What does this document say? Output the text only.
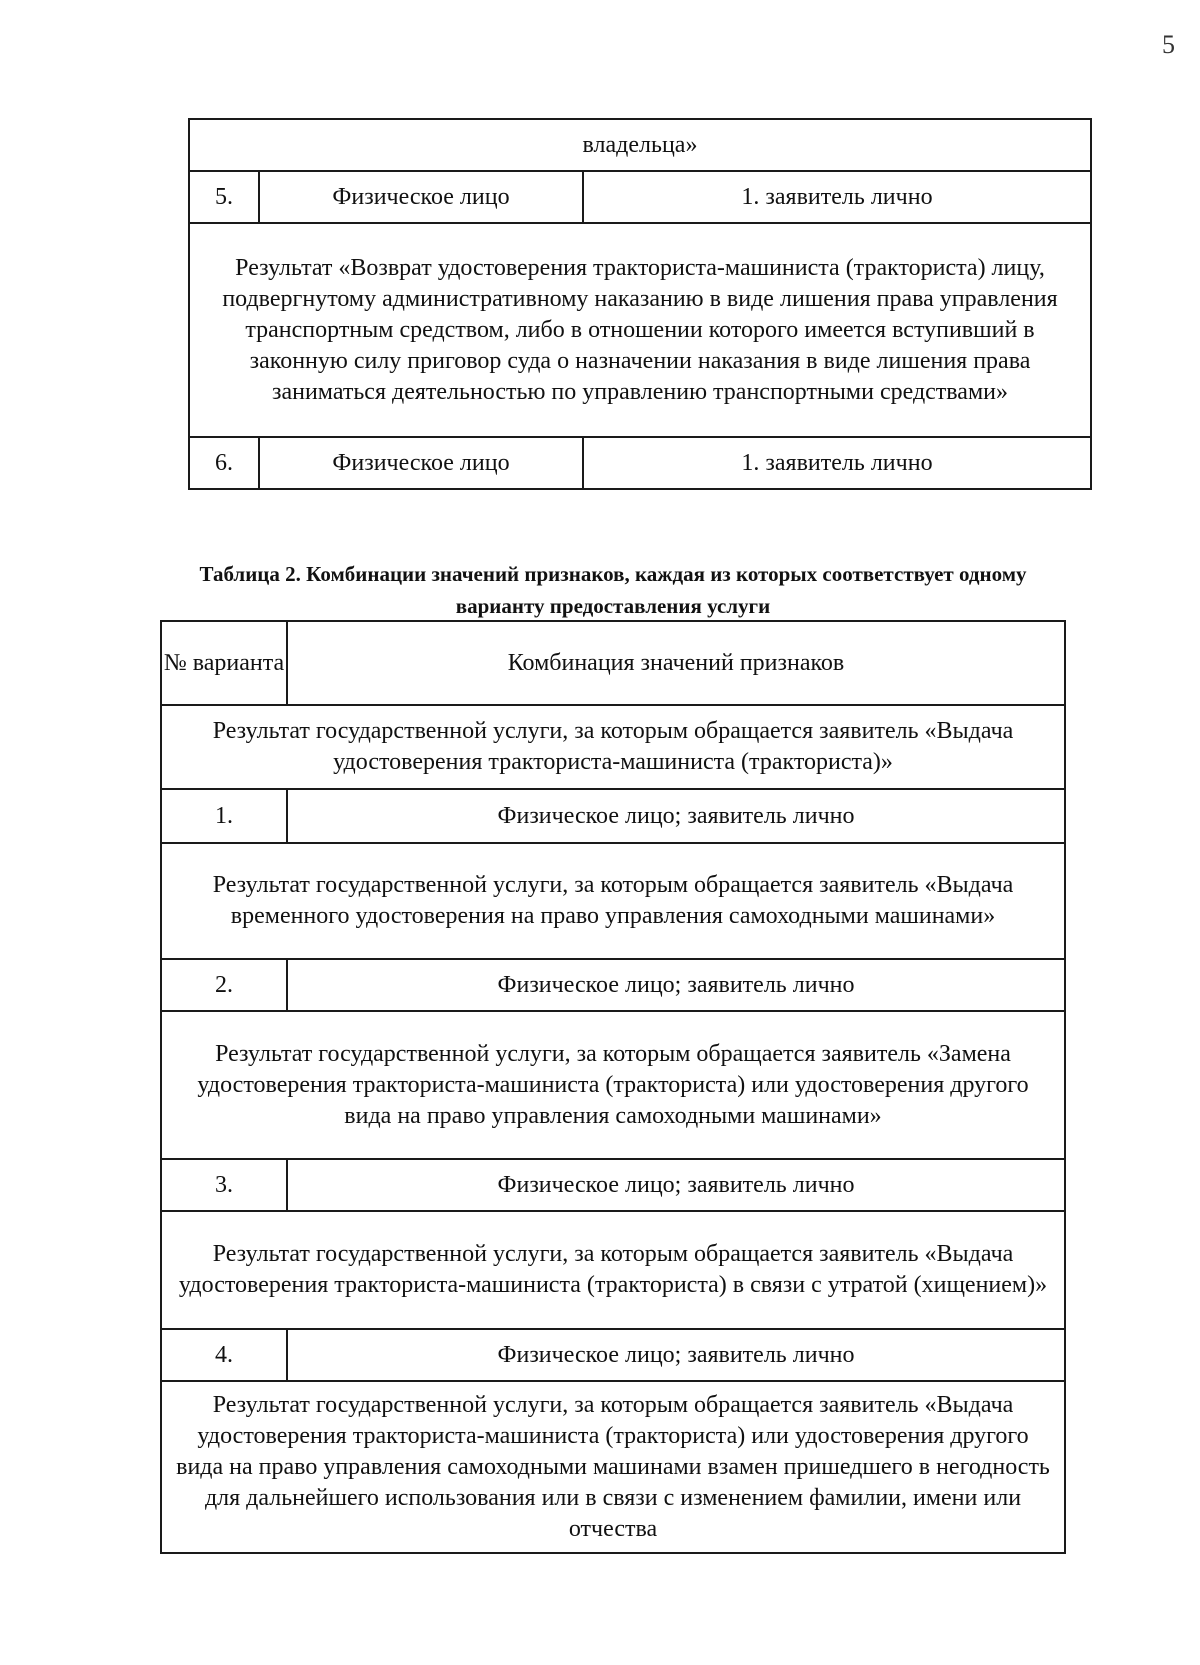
5
владельца»		
5.	Физическое лицо	1. заявитель лично
Результат «Возврат удостоверения тракториста-машиниста (тракториста) лицу, подвергнутому административному наказанию в виде лишения права управления транспортным средством, либо в отношении которого имеется вступивший в законную силу приговор суда о назначении наказания в виде лишения права заниматься деятельностью по управлению транспортными средствами»		
6.	Физическое лицо	1. заявитель лично
Таблица 2. Комбинации значений признаков, каждая из которых соответствует одному варианту предоставления услуги
№ варианта	Комбинация значений признаков
Результат государственной услуги, за которым обращается заявитель «Выдача удостоверения тракториста-машиниста (тракториста)»	
1.	Физическое лицо; заявитель лично
Результат государственной услуги, за которым обращается заявитель «Выдача временного удостоверения на право управления самоходными машинами»	
2.	Физическое лицо; заявитель лично
Результат государственной услуги, за которым обращается заявитель «Замена удостоверения тракториста-машиниста (тракториста) или удостоверения другого вида на право управления самоходными машинами»	
3.	Физическое лицо; заявитель лично
Результат государственной услуги, за которым обращается заявитель «Выдача удостоверения тракториста-машиниста (тракториста) в связи с утратой (хищением)»	
4.	Физическое лицо; заявитель лично
Результат государственной услуги, за которым обращается заявитель «Выдача удостоверения тракториста-машиниста (тракториста) или удостоверения другого вида на право управления самоходными машинами взамен пришедшего в негодность для дальнейшего использования или в связи с изменением фамилии, имени или отчества	
